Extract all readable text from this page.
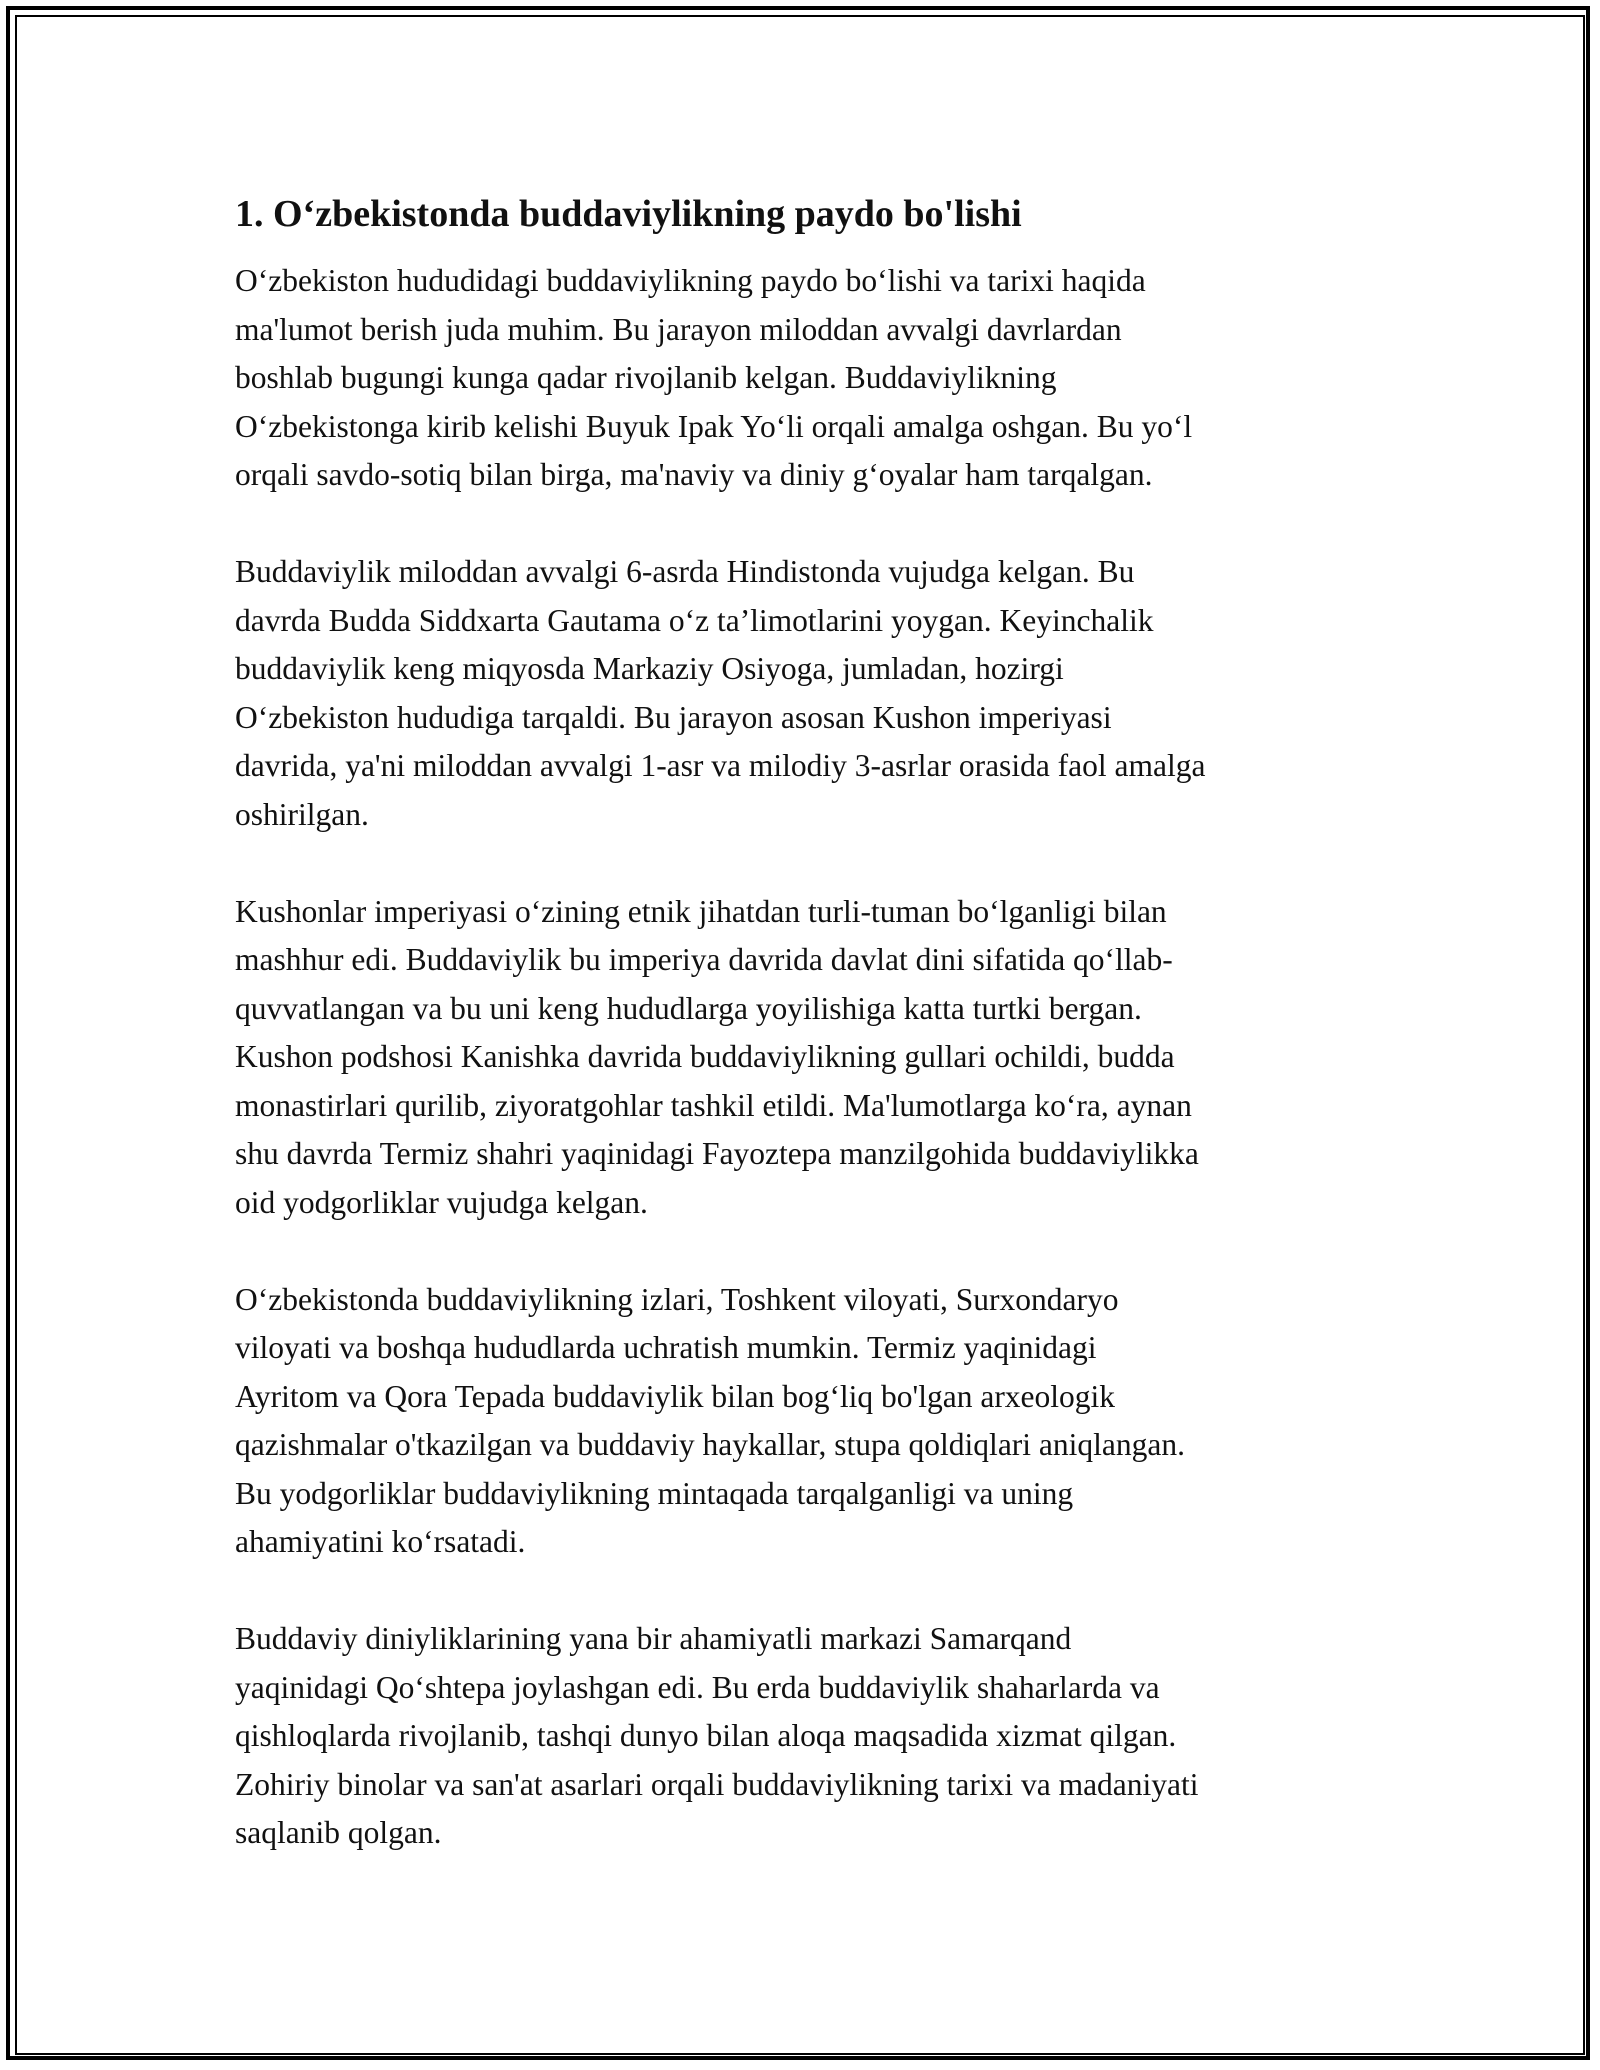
1. O‘zbekistonda buddaviylikning paydo bo'lishi
O‘zbekiston hududidagi buddaviylikning paydo bo‘lishi va tarixi haqida
ma'lumot berish juda muhim. Bu jarayon miloddan avvalgi davrlardan
boshlab bugungi kunga qadar rivojlanib kelgan. Buddaviylikning
O‘zbekistonga kirib kelishi Buyuk Ipak Yo‘li orqali amalga oshgan. Bu yo‘l
orqali savdo-sotiq bilan birga, ma'naviy va diniy g‘oyalar ham tarqalgan.
Buddaviylik miloddan avvalgi 6-asrda Hindistonda vujudga kelgan. Bu
davrda Budda Siddxarta Gautama o‘z ta’limotlarini yoygan. Keyinchalik
buddaviylik keng miqyosda Markaziy Osiyoga, jumladan, hozirgi
O‘zbekiston hududiga tarqaldi. Bu jarayon asosan Kushon imperiyasi
davrida, ya'ni miloddan avvalgi 1-asr va milodiy 3-asrlar orasida faol amalga
oshirilgan.
Kushonlar imperiyasi o‘zining etnik jihatdan turli-tuman bo‘lganligi bilan
mashhur edi. Buddaviylik bu imperiya davrida davlat dini sifatida qo‘llab-
quvvatlangan va bu uni keng hududlarga yoyilishiga katta turtki bergan.
Kushon podshosi Kanishka davrida buddaviylikning gullari ochildi, budda
monastirlari qurilib, ziyoratgohlar tashkil etildi. Ma'lumotlarga ko‘ra, aynan
shu davrda Termiz shahri yaqinidagi Fayoztepa manzilgohida buddaviylikka
oid yodgorliklar vujudga kelgan.
O‘zbekistonda buddaviylikning izlari, Toshkent viloyati, Surxondaryo
viloyati va boshqa hududlarda uchratish mumkin. Termiz yaqinidagi
Ayritom va Qora Tepada buddaviylik bilan bog‘liq bo'lgan arxeologik
qazishmalar o'tkazilgan va buddaviy haykallar, stupa qoldiqlari aniqlangan.
Bu yodgorliklar buddaviylikning mintaqada tarqalganligi va uning
ahamiyatini ko‘rsatadi.
Buddaviy diniyliklarining yana bir ahamiyatli markazi Samarqand
yaqinidagi Qo‘shtepa joylashgan edi. Bu erda buddaviylik shaharlarda va
qishloqlarda rivojlanib, tashqi dunyo bilan aloqa maqsadida xizmat qilgan.
Zohiriy binolar va san'at asarlari orqali buddaviylikning tarixi va madaniyati
saqlanib qolgan.
